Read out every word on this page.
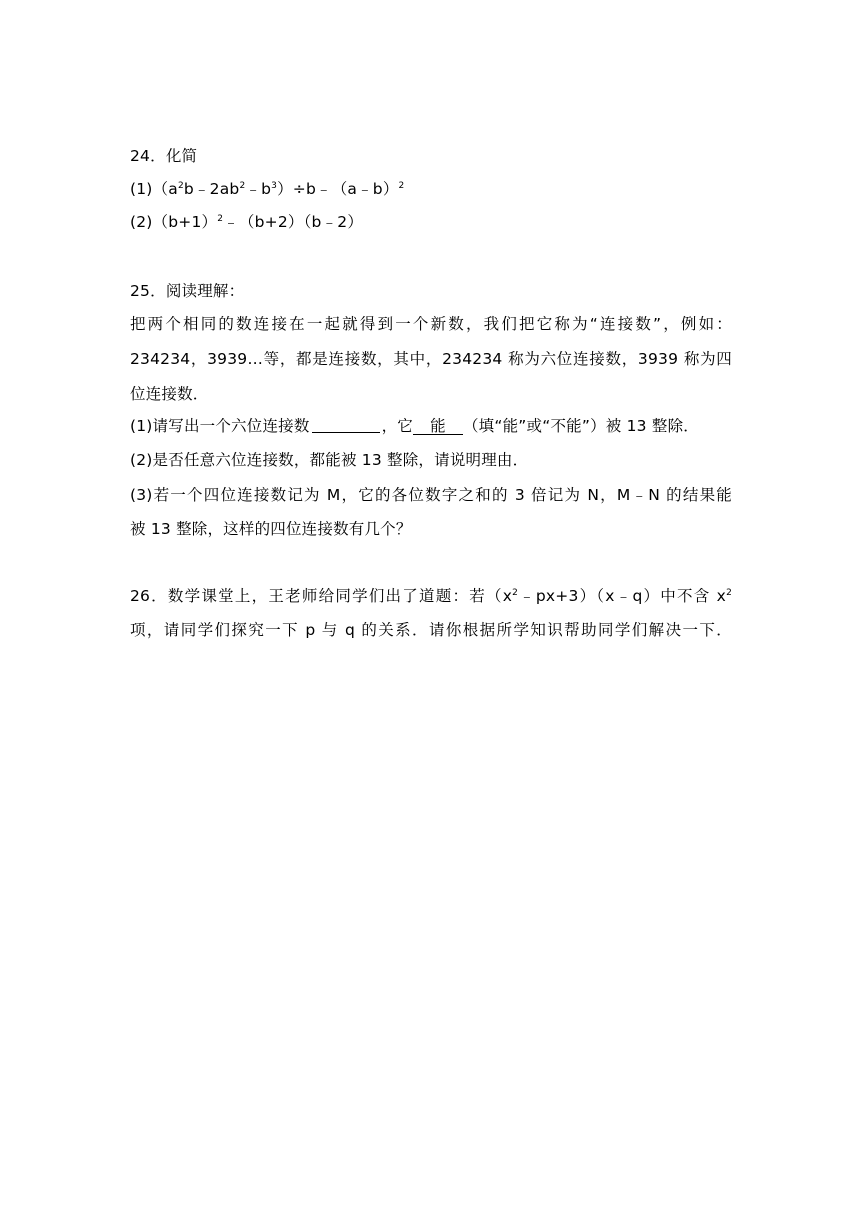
24．化简
$(1)(a^2b﹣2ab^2﹣b^3)\div b﹣(a﹣b)^2$
$(2)(b+1)^2﹣(b+2)(b﹣2)$
25．阅读理解：
把两个相同的数连接在一起就得到一个新数，我们把它称为“连接数”，例如：
234234，3939…等，都是连接数，其中，234234 称为六位连接数，3939 称为四
位连接数．
(1)请写出一个六位连接数	，它 能 （填“能”或“不能”）被 13 整除．
(2)是否任意六位连接数，都能被 13 整除，请说明理由．
(3)若一个四位连接数记为 M，它的各位数字之和的 3 倍记为 N，M﹣N 的结果能
被 13 整除，这样的四位连接数有几个？
26．数学课堂上，王老师给同学们出了道题：若$(x^2﹣px+3)(x﹣q)$中不含 $x^2$
项，请同学们探究一下 p 与 q 的关系．请你根据所学知识帮助同学们解决一下．
